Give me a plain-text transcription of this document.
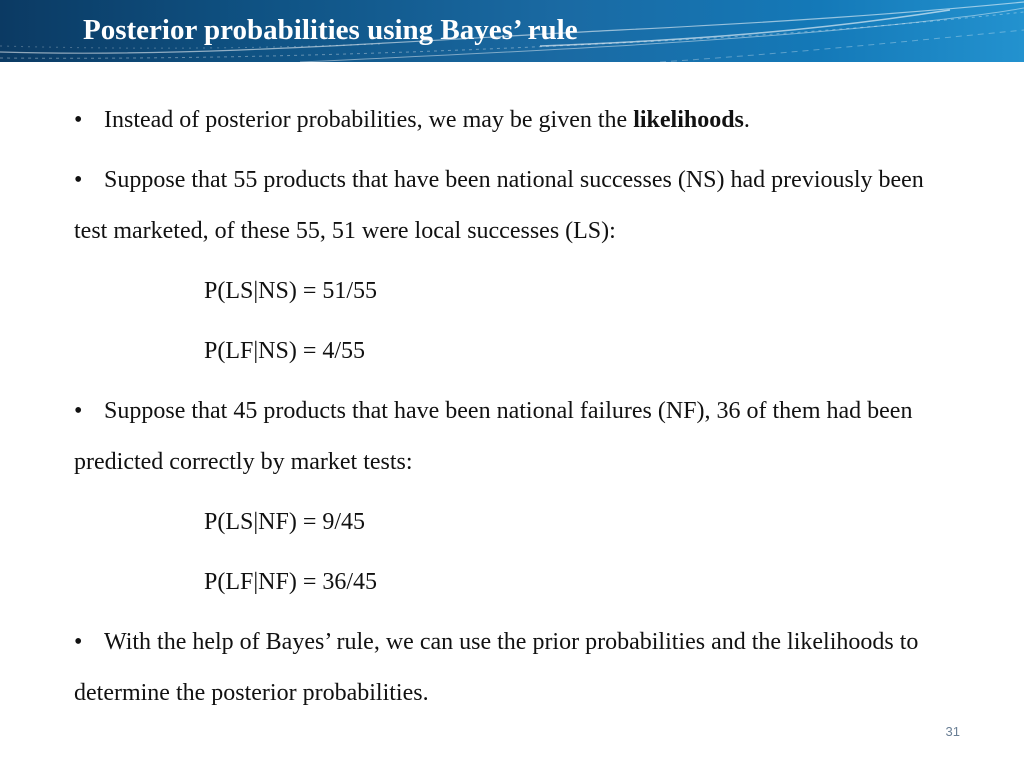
Posterior probabilities using Bayes’ rule

• Instead of posterior probabilities, we may be given the likelihoods.

• Suppose that 55 products that have been national successes (NS) had previously been test marketed, of these 55, 51 were local successes (LS):

P(LS|NS) = 51/55

P(LF|NS) = 4/55

• Suppose that 45 products that have been national failures (NF), 36 of them had been predicted correctly by market tests:

P(LS|NF) = 9/45

P(LF|NF) = 36/45

• With the help of Bayes’ rule, we can use the prior probabilities and the likelihoods to determine the posterior probabilities.

31
